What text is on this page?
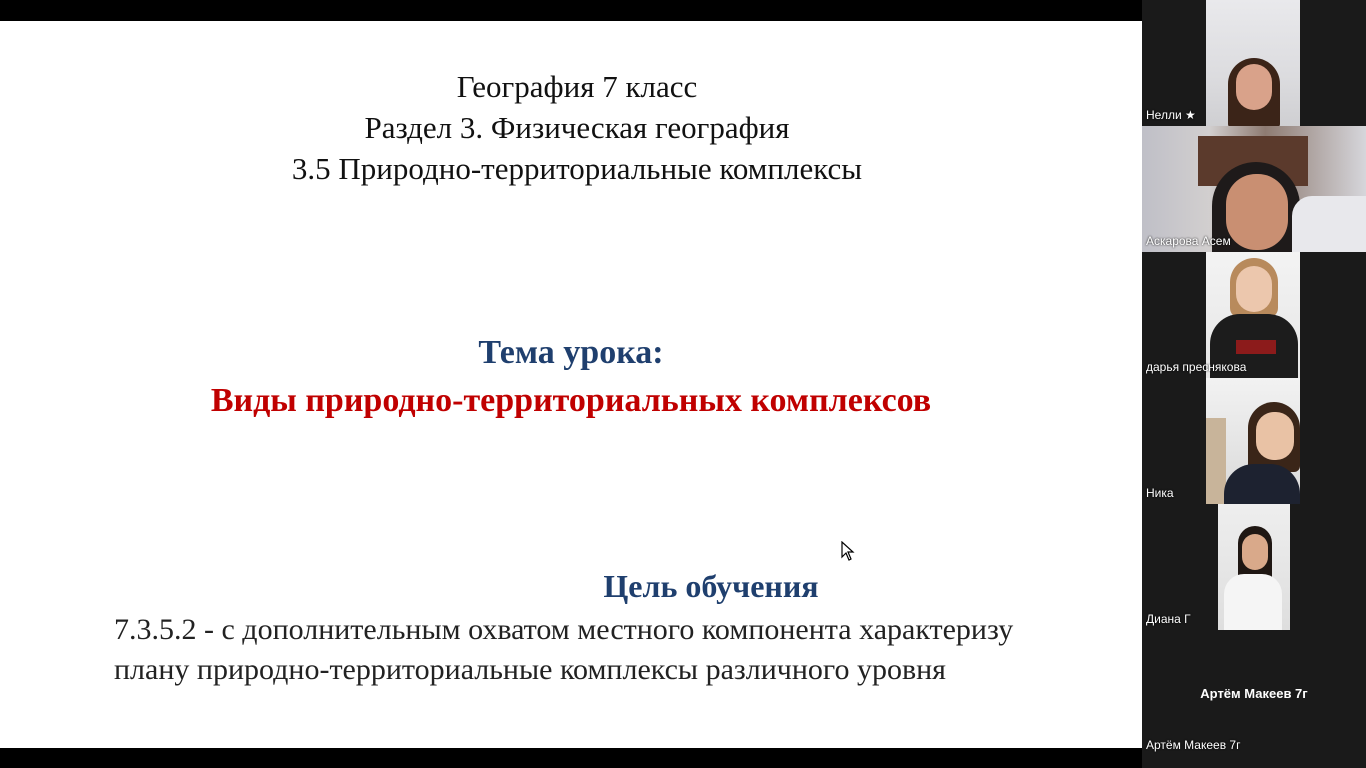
География 7 класс
Раздел 3. Физическая география
3.5 Природно-территориальные комплексы
Тема урока:
Виды природно-территориальных комплексов
Цель обучения
7.3.5.2 - с дополнительным охватом местного компонента характеризу
плану природно-территориальные комплексы различного уровня
Нелли ★
Аскарова Асем
дарья преснякова
Ника
Диана Г
Артём Макеев 7г
Артём Макеев 7г
